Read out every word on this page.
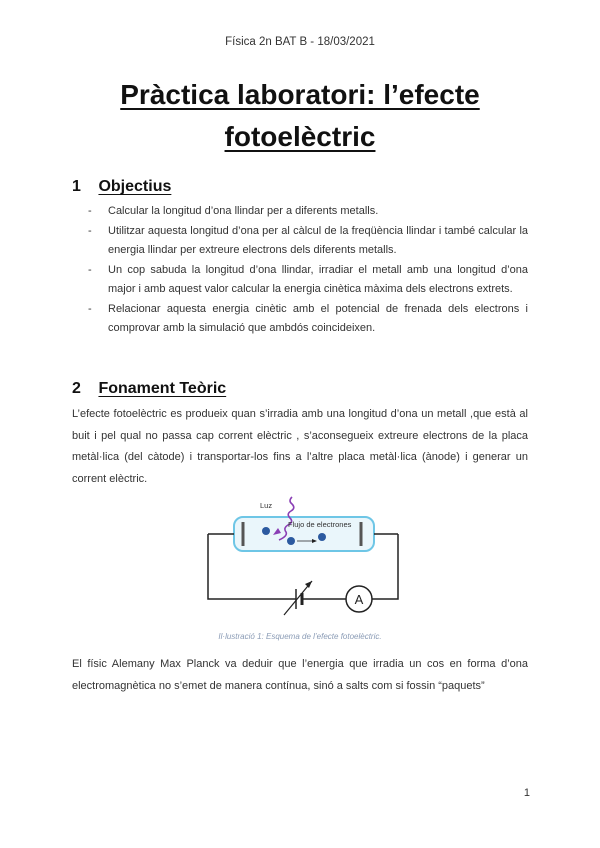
Física 2n BAT B - 18/03/2021
Pràctica laboratori: l’efecte
fotoelèctric
1 Objectius
- Calcular la longitud d’ona llindar per a diferents metalls.
- Utilitzar aquesta longitud d’ona per al càlcul de la freqüència llindar i també calcular la energia llindar per extreure electrons dels diferents metalls.
- Un cop sabuda la longitud d’ona llindar, irradiar el metall amb una longitud d’ona major i amb aquest valor calcular la energia cinètica màxima dels electrons extrets.
- Relacionar aquesta energia cinètic amb el potencial de frenada dels electrons i comprovar amb la simulació que ambdós coincideixen.
2 Fonament Teòric

L’efecte fotoelèctric es produeix quan s’irradia amb una longitud d’ona un metall ,que està al buit i pel qual no passa cap corrent elèctric , s’aconsegueix extreure electrons de la placa metàl·lica (del càtode) i transportar-los fins a l’altre placa metàl·lica (ànode) i generar un corrent elèctric.

A
Luz
Flujo de electrones
Il·lustració 1: Esquema de l’efecte fotoelèctric.

El físic Alemany Max Planck va deduir que l’energia que irradia un cos en forma d’ona electromagnètica no s’emet de manera contínua, sinó a salts com si fossin “paquets”

1
